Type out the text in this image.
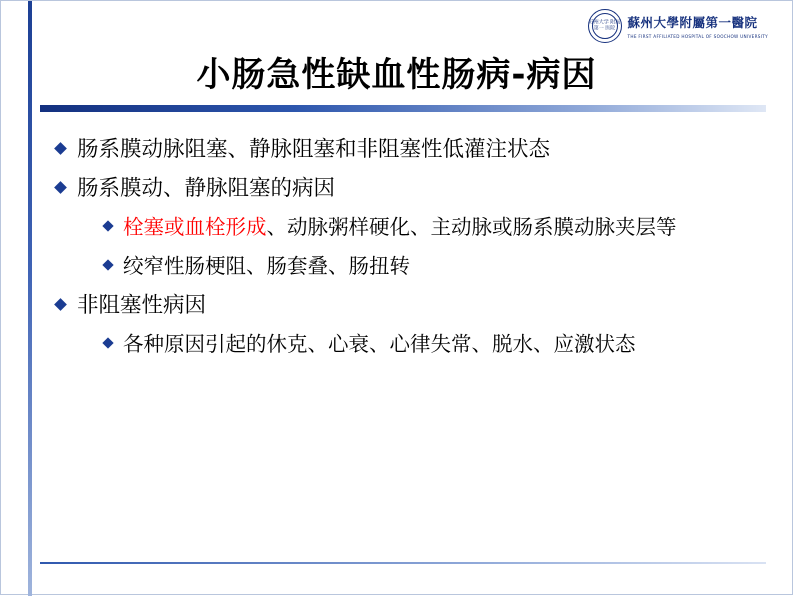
苏州大学 附属第一 医院 蘇州大學附屬第一醫院
THE FIRST AFFILIATED HOSPITAL OF SOOCHOW UNIVERSITY
小肠急性缺血性肠病-病因
肠系膜动脉阻塞、静脉阻塞和非阻塞性低灌注状态
肠系膜动、静脉阻塞的病因
栓塞或血栓形成、动脉粥样硬化、主动脉或肠系膜动脉夹层等
绞窄性肠梗阻、肠套叠、肠扭转
非阻塞性病因
各种原因引起的休克、心衰、心律失常、脱水、应激状态
